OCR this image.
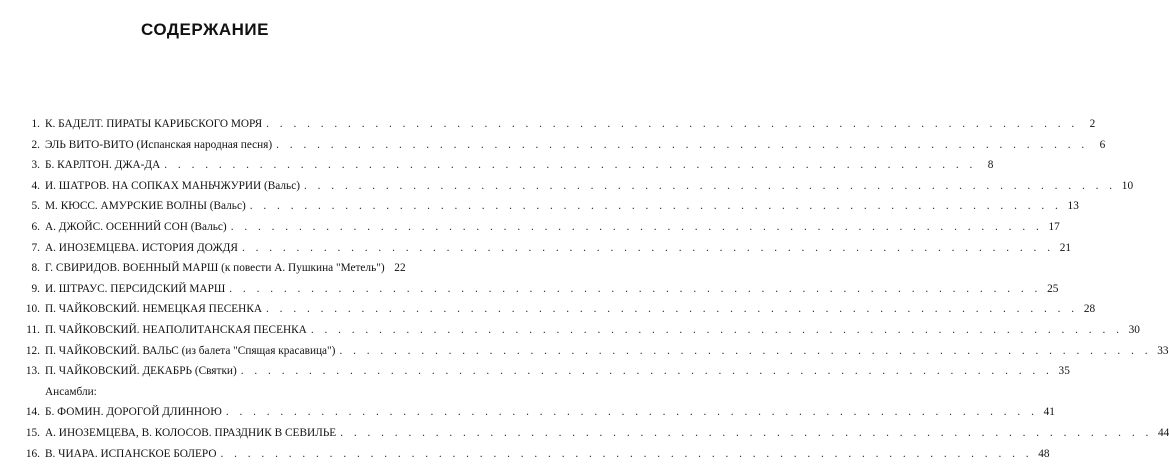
СОДЕРЖАНИЕ
1. К. БАДЕЛТ. ПИРАТЫ КАРИБСКОГО МОРЯ . . .	2
2. ЭЛЬ ВИТО-ВИТО (Испанская народная песня) . . .	6
3. Б. КАРЛТОН. ДЖА-ДА . . .	8
4. И. ШАТРОВ. НА СОПКАХ МАНЬЧЖУРИИ (Вальс) . . .	10
5. М. КЮСС. АМУРСКИЕ ВОЛНЫ (Вальс) . . .	13
6. А. ДЖОЙС. ОСЕННИЙ СОН (Вальс) . . .	17
7. А. ИНОЗЕМЦЕВА. ИСТОРИЯ ДОЖДЯ . . .	21
8. Г. СВИРИДОВ. ВОЕННЫЙ МАРШ (к повести А. Пушкина "Метель") 22
9. И. ШТРАУС. ПЕРСИДСКИЙ МАРШ . . .	25
10. П. ЧАЙКОВСКИЙ. НЕМЕЦКАЯ ПЕСЕНКА . . .	28
11. П. ЧАЙКОВСКИЙ. НЕАПОЛИТАНСКАЯ ПЕСЕНКА . . .	30
12. П. ЧАЙКОВСКИЙ. ВАЛЬС (из балета "Спящая красавица") . . .	33
13. П. ЧАЙКОВСКИЙ. ДЕКАБРЬ (Святки) . . .	35
Ансамбли:
14. Б. ФОМИН. ДОРОГОЙ ДЛИННОЮ . . .	41
15. А. ИНОЗЕМЦЕВА, В. КОЛОСОВ. ПРАЗДНИК В СЕВИЛЬЕ . . .	44
16. В. ЧИАРА. ИСПАНСКОЕ БОЛЕРО . . .	48
